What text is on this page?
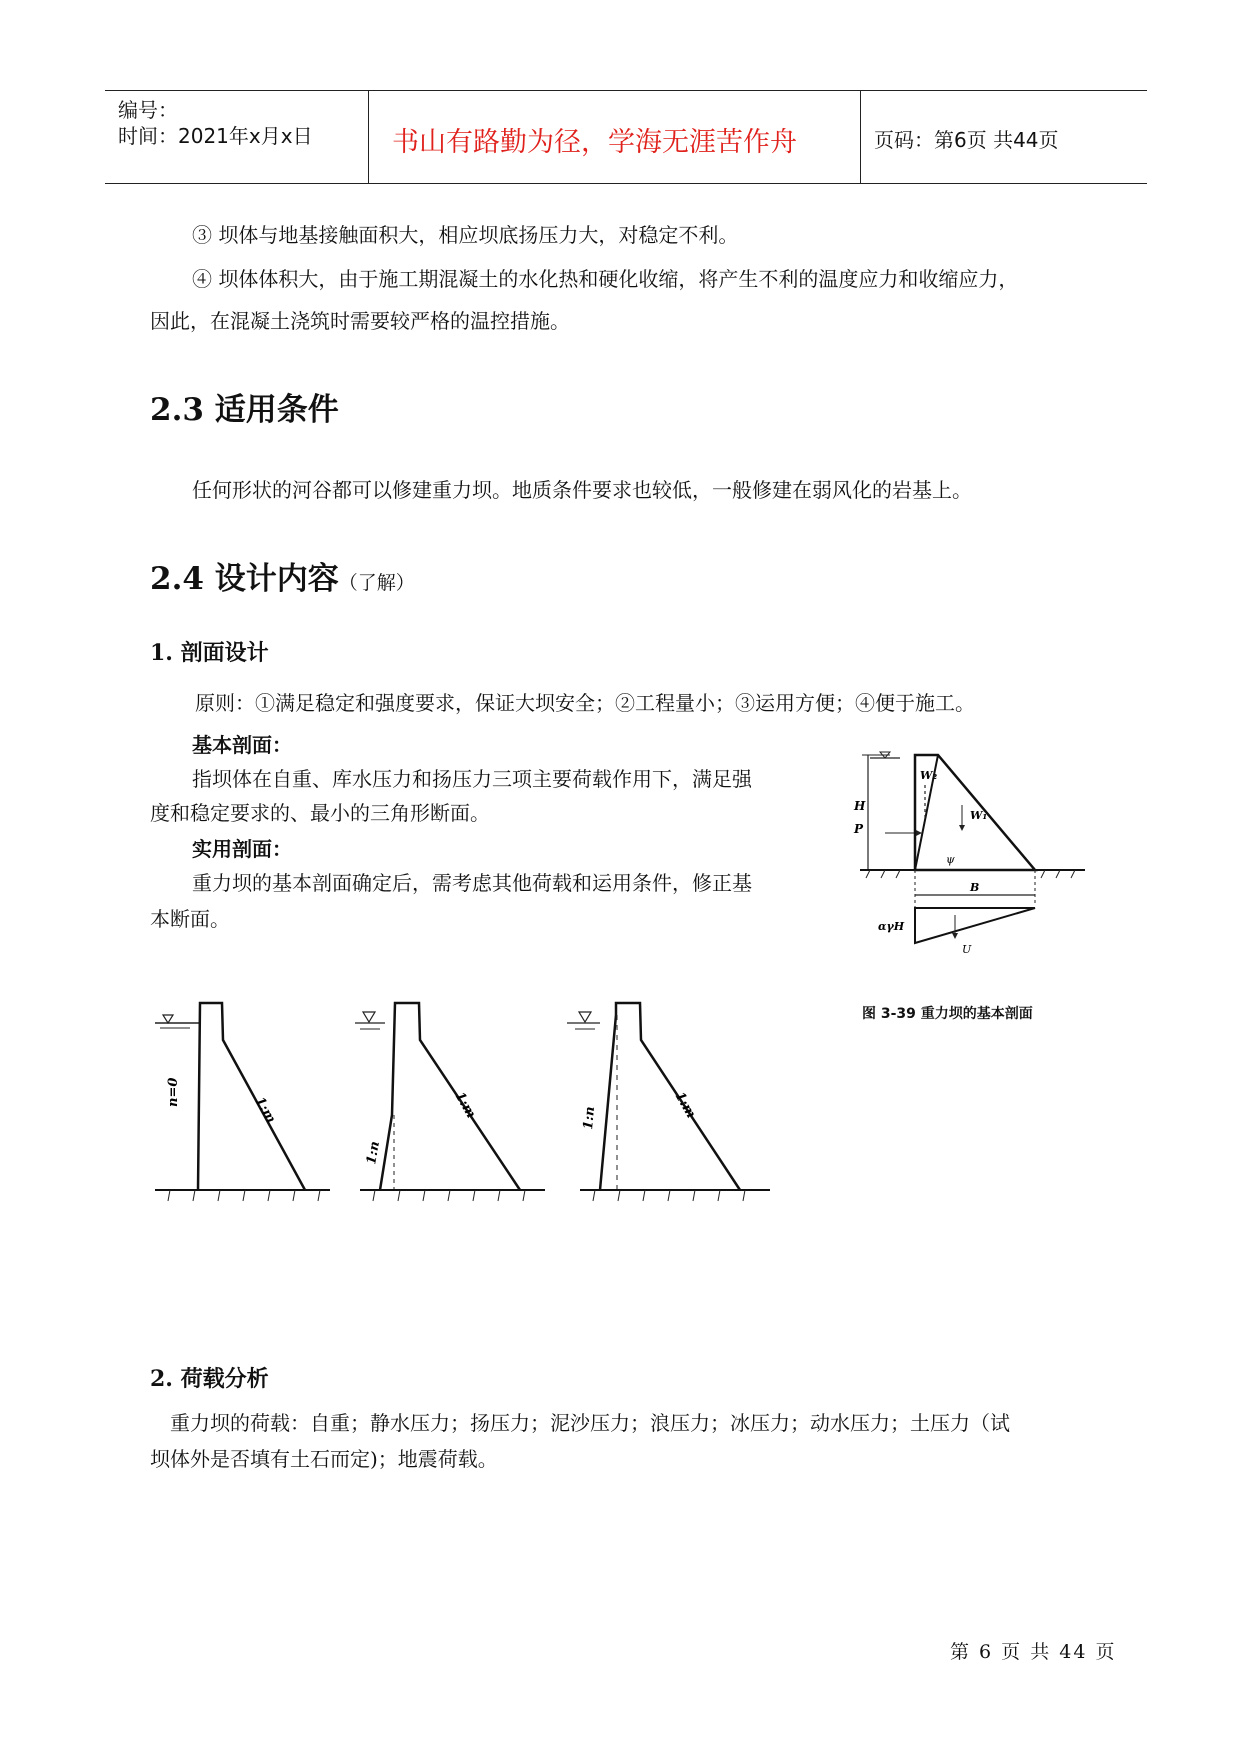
编号：
时间：2021年x月x日	书山有路勤为径，学海无涯苦作舟	页码：第6页 共44页
③ 坝体与地基接触面积大，相应坝底扬压力大，对稳定不利。
④ 坝体体积大，由于施工期混凝土的水化热和硬化收缩，将产生不利的温度应力和收缩应力，
因此，在混凝土浇筑时需要较严格的温控措施。
2.3 适用条件
任何形状的河谷都可以修建重力坝。地质条件要求也较低，一般修建在弱风化的岩基上。
2.4 设计内容（了解）
1. 剖面设计
原则：①满足稳定和强度要求，保证大坝安全；②工程量小；③运用方便；④便于施工。
基本剖面：
指坝体在自重、库水压力和扬压力三项主要荷载作用下，满足强
度和稳定要求的、最小的三角形断面。
实用剖面：
重力坝的基本剖面确定后，需考虑其他荷载和运用条件，修正基
本断面。
H
P
W₂
W₁
ψ
B
αγH
U
图 3-39 重力坝的基本剖面
n=0
1:m
1:n
1:m	1:n	1:m
2. 荷载分析
重力坝的荷载：自重；静水压力；扬压力；泥沙压力；浪压力；冰压力；动水压力；土压力（试
坝体外是否填有土石而定)；地震荷载。
第 6 页 共 44 页
